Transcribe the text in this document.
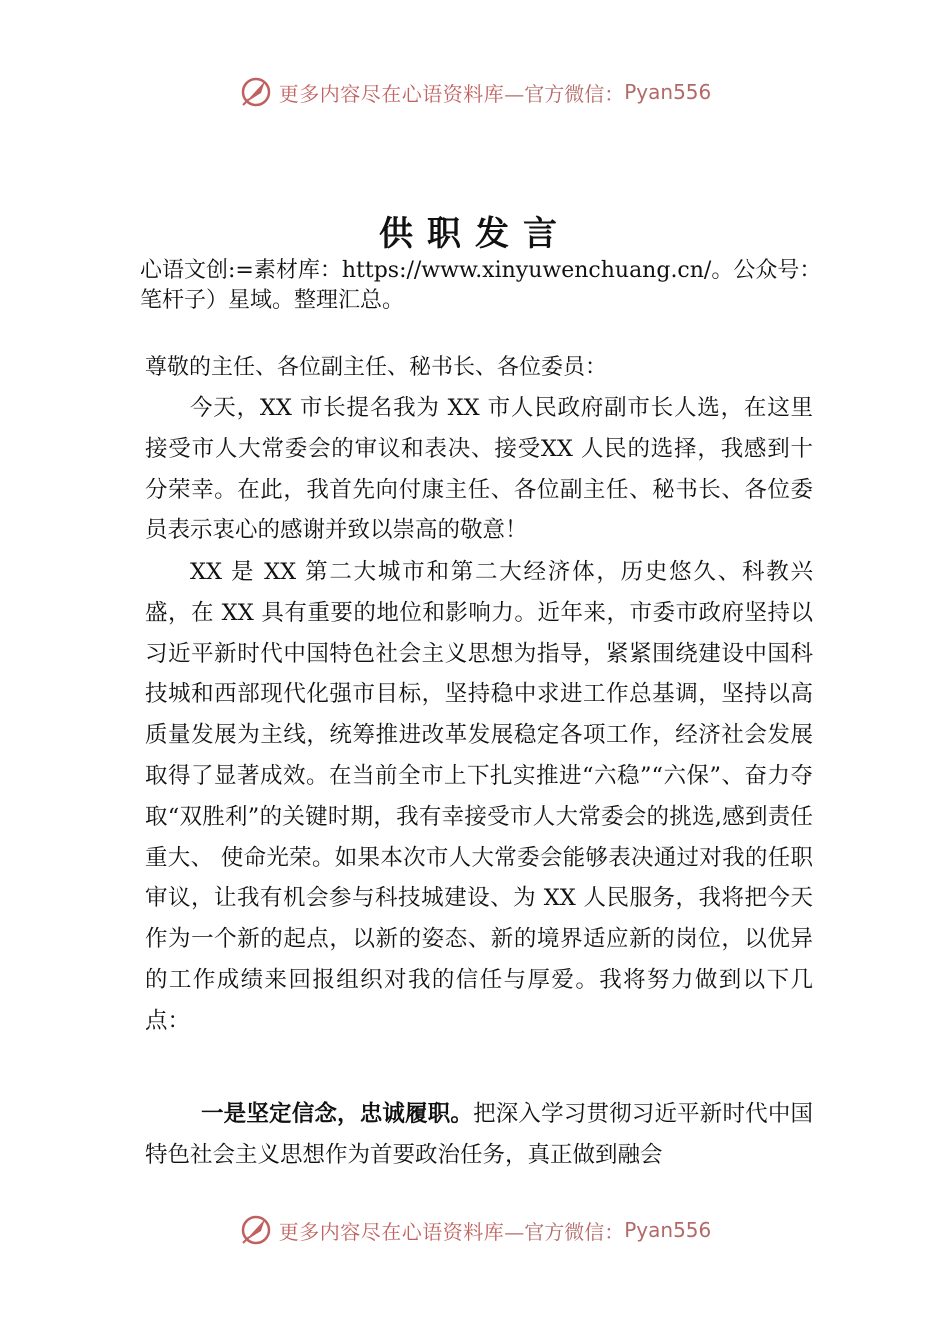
更多内容尽在心语资料库 —官方微信： Pyan556
供职发言
心语文创:=素材库：https://www.xinyuwenchuang.cn/。公众号：笔杆子）星域。整理汇总。
尊敬的主任、各位副主任、秘书长、各位委员：
今天，XX 市长提名我为 XX 市人民政府副市长人选，在这里接受市人大常委会的审议和表决、接受XX 人民的选择，我感到十分荣幸。在此，我首先向付康主任、各位副主任、秘书长、各位委员表示衷心的感谢并致以崇高的敬意！
XX 是 XX 第二大城市和第二大经济体，历史悠久、科教兴盛，在 XX 具有重要的地位和影响力。近年来，市委市政府坚持以习近平新时代中国特色社会主义思想为指导，紧紧围绕建设中国科技城和西部现代化强市目标，坚持稳中求进工作总基调，坚持以高质量发展为主线，统筹推进改革发展稳定各项工作，经济社会发展取得了显著成效。在当前全市上下扎实推进“六稳”“六保”、奋力夺取“双胜利”的关键时期，我有幸接受市人大常委会的挑选,感到责任重大、 使命光荣。如果本次市人大常委会能够表决通过对我的任职审议，让我有机会参与科技城建设、为 XX 人民服务，我将把今天作为一个新的起点，以新的姿态、新的境界适应新的岗位，以优异的工作成绩来回报组织对我的信任与厚爱。我将努力做到以下几点：
一是坚定信念，忠诚履职。把深入学习贯彻习近平新时代中国特色社会主义思想作为首要政治任务，真正做到融会
更多内容尽在心语资料库 —官方微信： Pyan556
